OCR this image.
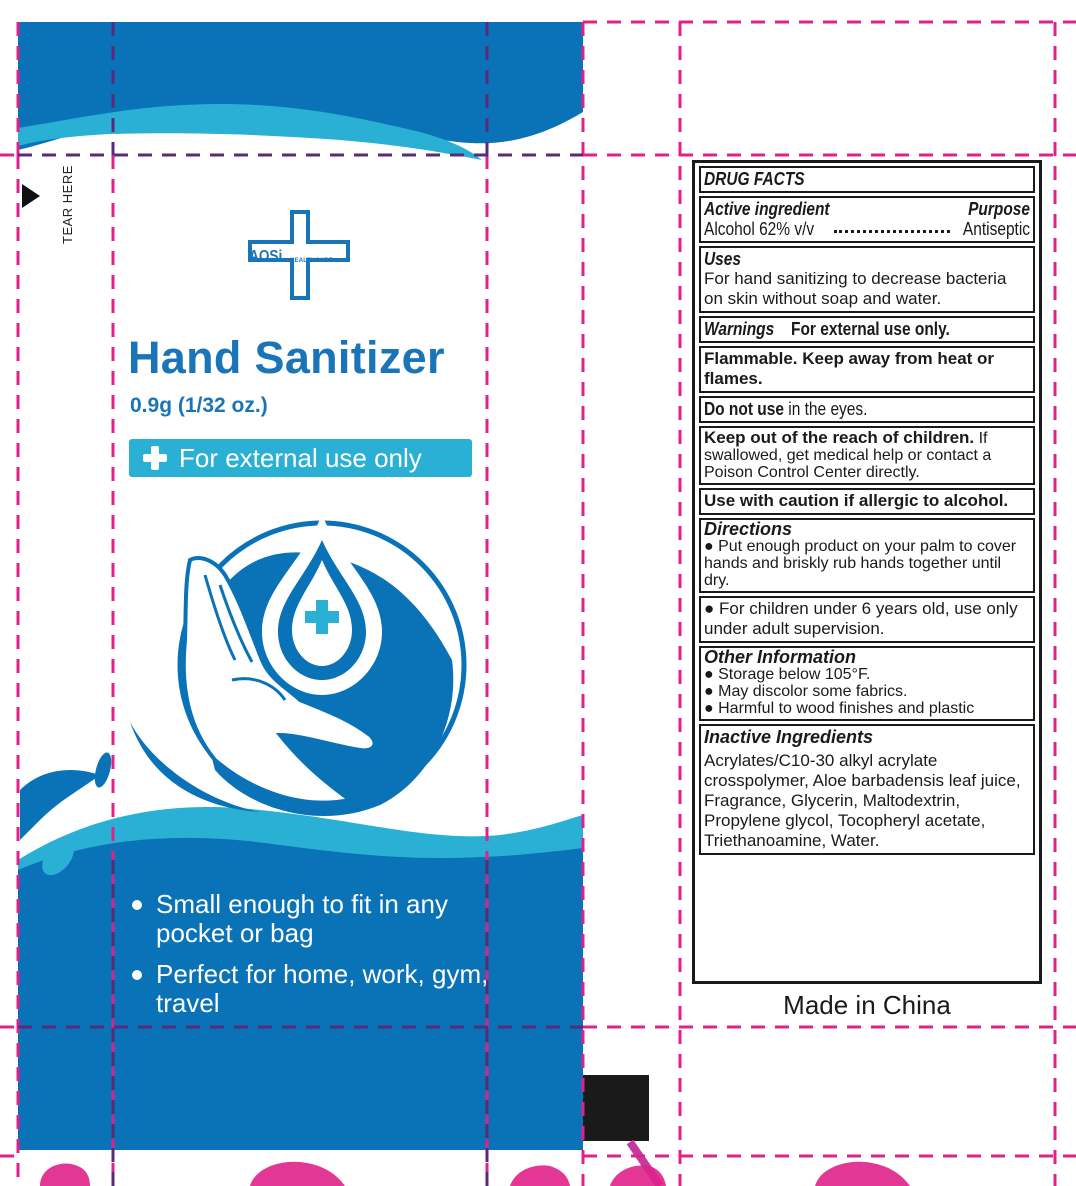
TEAR HERE
AOSi HEALTHCARE
Hand Sanitizer
0.9g (1/32 oz.)
For external use only
Small enough to fit in any pocket or bag
Perfect for home, work, gym, travel
DRUG FACTS
Active ingredient	Purpose
Alcohol 62% v/v	Antiseptic
Uses
For hand sanitizing to decrease bacteria on skin without soap and water.
Warnings For external use only.
Flammable. Keep away from heat or flames.
Do not use in the eyes.
Keep out of the reach of children. If swallowed, get medical help or contact a Poison Control Center directly.
Use with caution if allergic to alcohol.
Directions
● Put enough product on your palm to cover hands and briskly rub hands together until dry.
● For children under 6 years old, use only under adult supervision.
Other Information
● Storage below 105°F.
● May discolor some fabrics.
● Harmful to wood finishes and plastic
Inactive Ingredients
Acrylates/C10-30 alkyl acrylate crosspolymer, Aloe barbadensis leaf juice, Fragrance, Glycerin, Maltodextrin, Propylene glycol, Tocopheryl acetate, Triethanoamine, Water.
Made in China
